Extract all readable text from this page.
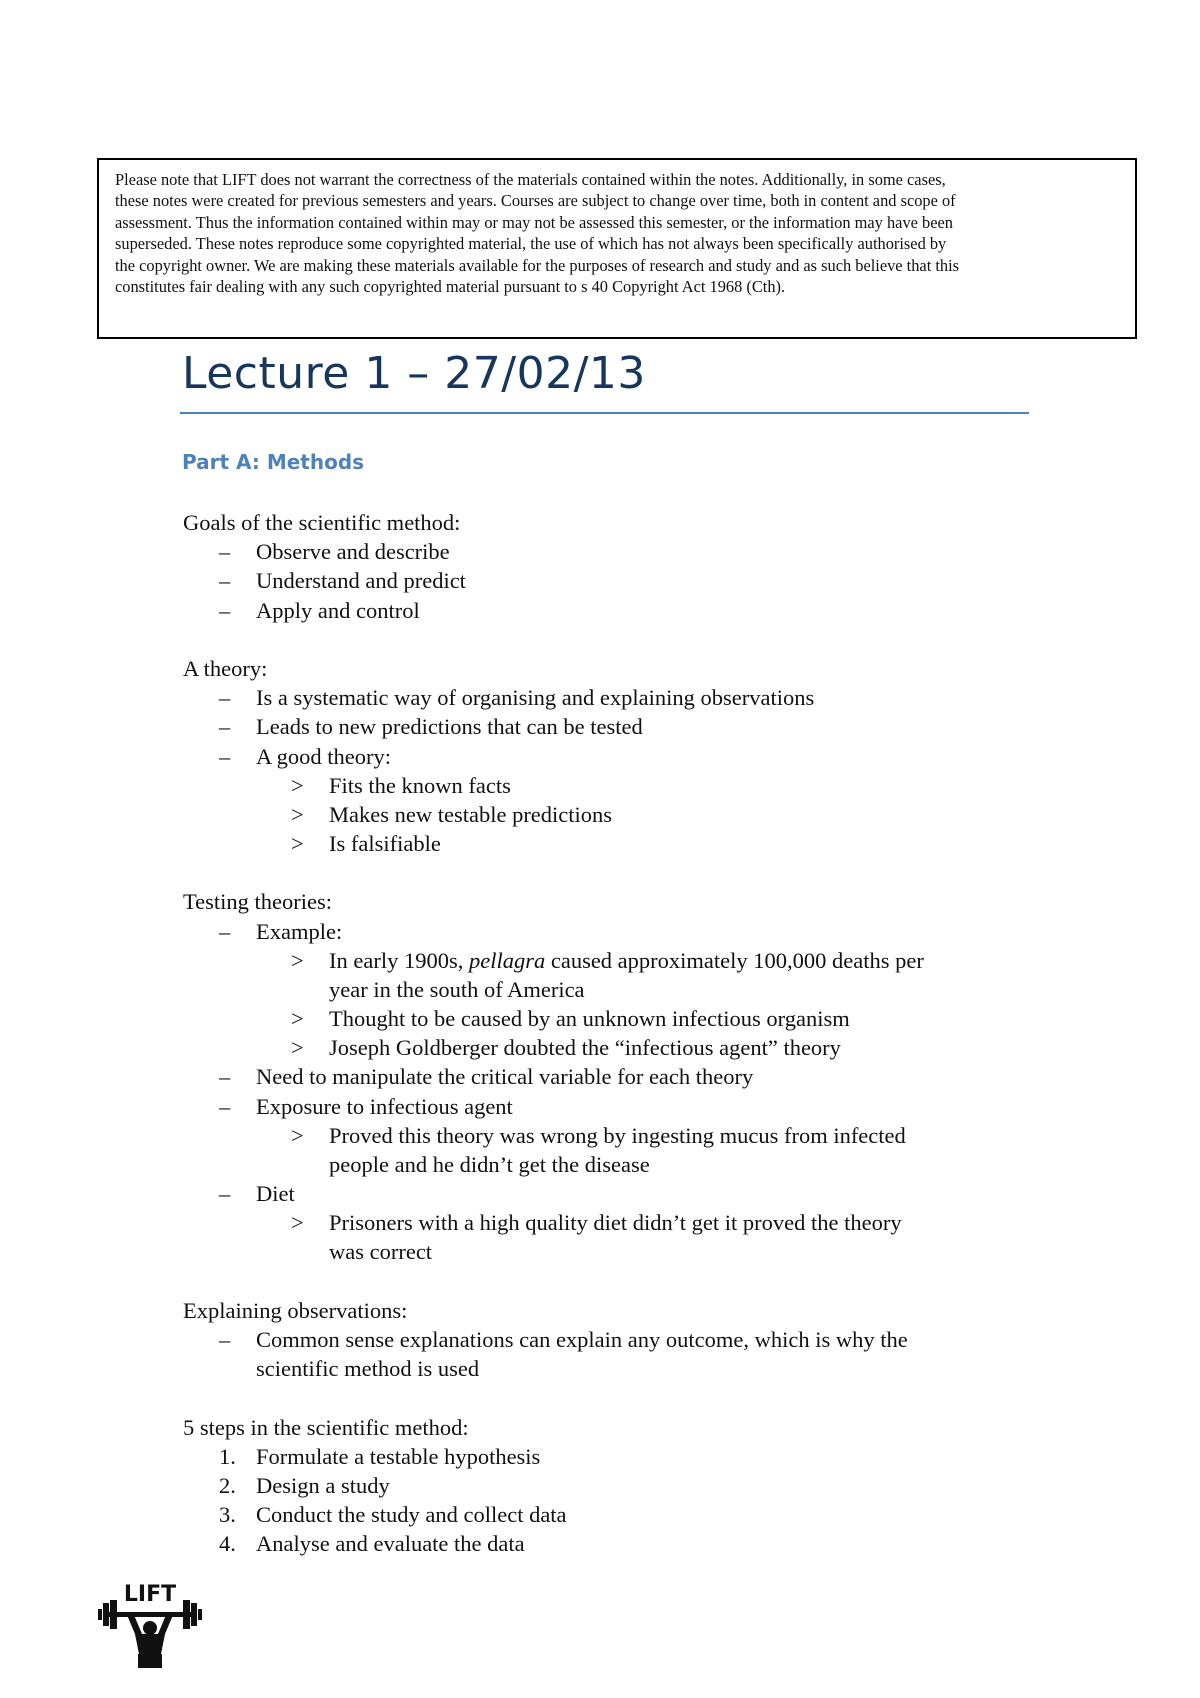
Please note that LIFT does not warrant the correctness of the materials contained within the notes. Additionally, in some cases,
these notes were created for previous semesters and years. Courses are subject to change over time, both in content and scope of
assessment. Thus the information contained within may or may not be assessed this semester, or the information may have been
superseded. These notes reproduce some copyrighted material, the use of which has not always been specifically authorised by
the copyright owner. We are making these materials available for the purposes of research and study and as such believe that this
constitutes fair dealing with any such copyrighted material pursuant to s 40 Copyright Act 1968 (Cth).
Lecture 1 – 27/02/13
Part A: Methods
Goals of the scientific method:
– Observe and describe
– Understand and predict
– Apply and control
A theory:
– Is a systematic way of organising and explaining observations
– Leads to new predictions that can be tested
– A good theory:
> Fits the known facts
> Makes new testable predictions
> Is falsifiable
Testing theories:
– Example:
> In early 1900s, pellagra caused approximately 100,000 deaths per
year in the south of America
> Thought to be caused by an unknown infectious organism
> Joseph Goldberger doubted the “infectious agent” theory
– Need to manipulate the critical variable for each theory
– Exposure to infectious agent
> Proved this theory was wrong by ingesting mucus from infected
people and he didn’t get the disease
– Diet
> Prisoners with a high quality diet didn’t get it proved the theory
was correct
Explaining observations:
– Common sense explanations can explain any outcome, which is why the
scientific method is used
5 steps in the scientific method:
1. Formulate a testable hypothesis
2. Design a study
3. Conduct the study and collect data
4. Analyse and evaluate the data
LIFT
